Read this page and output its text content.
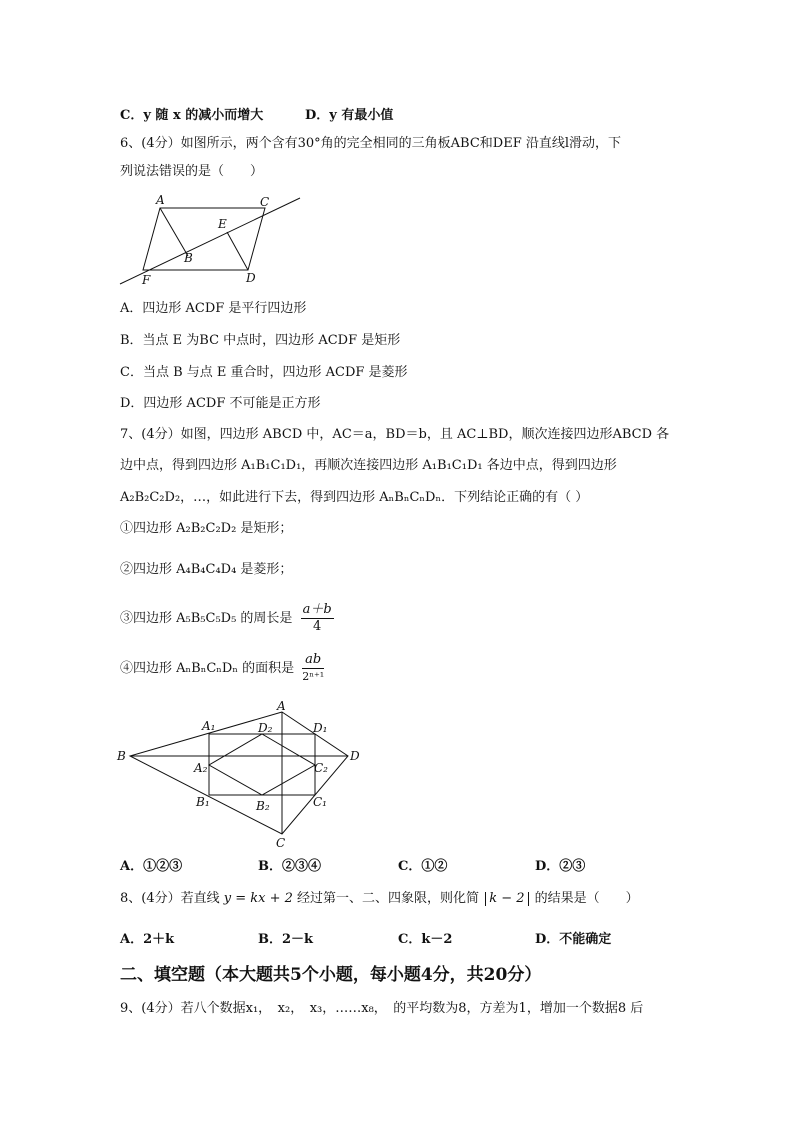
C．y 随 x 的减小而增大	D．y 有最小值
6、(4分）如图所示，两个含有30°角的完全相同的三角板ABC和DEF 沿直线l滑动，下
列说法错误的是（　　）
A	C
E
B
F	D
A．四边形 ACDF 是平行四边形
B．当点 E 为BC 中点时，四边形 ACDF 是矩形
C．当点 B 与点 E 重合时，四边形 ACDF 是菱形
D．四边形 ACDF 不可能是正方形
7、(4分）如图，四边形 ABCD 中，AC＝a，BD＝b，且 AC⊥BD，顺次连接四边形ABCD 各
边中点，得到四边形 A₁B₁C₁D₁，再顺次连接四边形 A₁B₁C₁D₁ 各边中点，得到四边形
A₂B₂C₂D₂，…，如此进行下去，得到四边形 AₙBₙCₙDₙ．下列结论正确的有（ ）
①四边形 A₂B₂C₂D₂ 是矩形；
②四边形 A₄B₄C₄D₄ 是菱形；
③四边形 A₅B₅C₅D₅ 的周长是 $\frac{a+b}{4}$
④四边形 AₙBₙCₙDₙ 的面积是 $\frac{ab}{\text{2ⁿ⁺¹}}$
A
A₁	D₂	D₁
B	D
A₂	C₂
B₁	B₂	C₁
C
A．①②③	B．②③④	C．①②	D．②③
8、(4分）若直线 y = kx + 2 经过第一、二、四象限，则化简 k − 2 的结果是（　　）
A．2＋k	B．2－k	C．k－2	D．不能确定
二、填空题（本大题共5个小题，每小题4分，共20分）
9、(4分）若八个数据x₁，　x₂，　x₃，……x₈，　的平均数为8，方差为1，增加一个数据8 后
